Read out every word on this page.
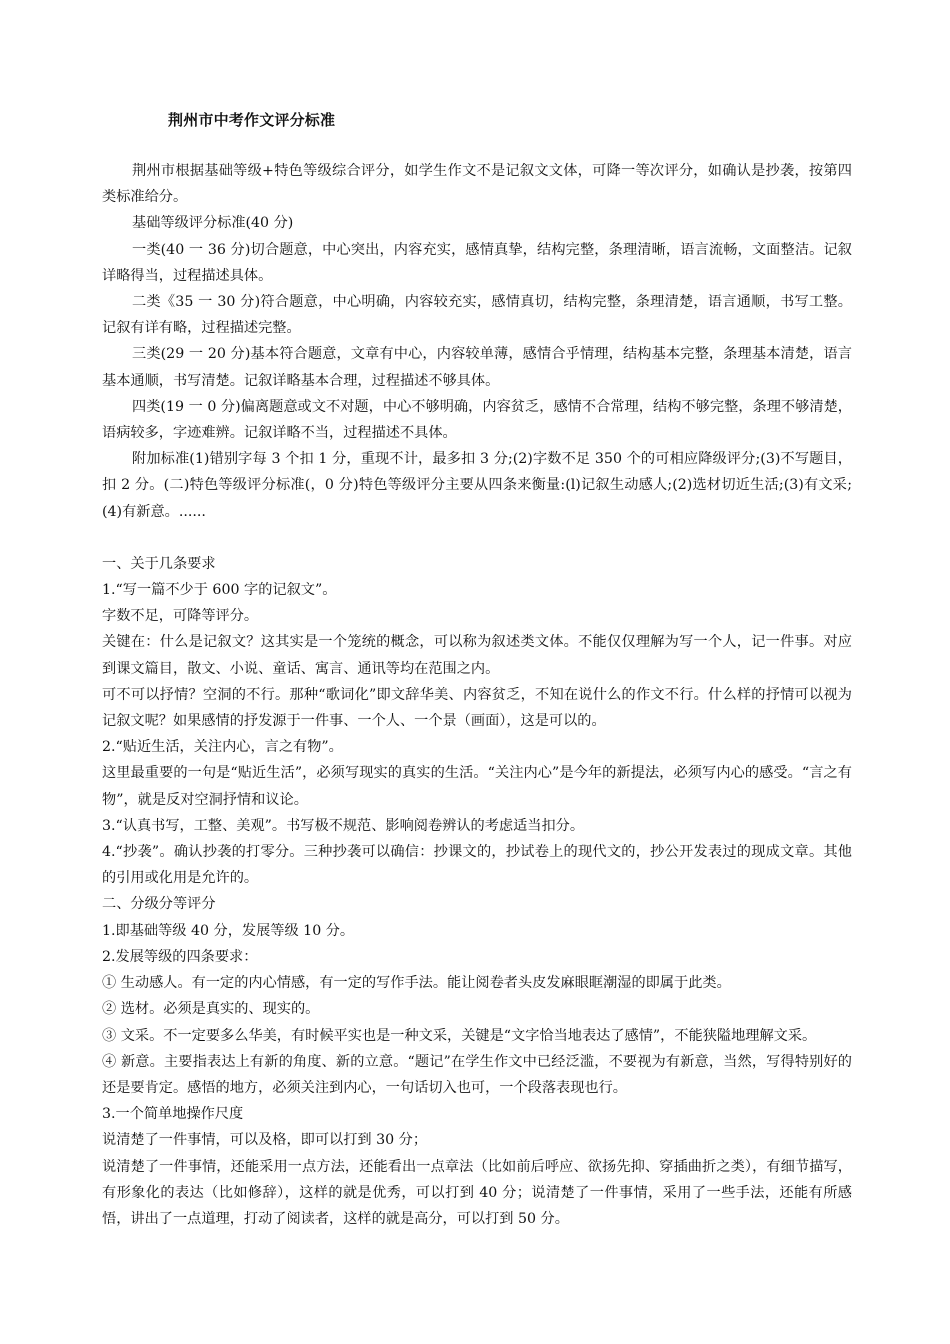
荆州市中考作文评分标准

荆州市根据基础等级+特色等级综合评分，如学生作文不是记叙文文体，可降一等次评分，如确认是抄袭，按第四类标准给分。

基础等级评分标准(40 分)

一类(40 一 36 分)切合题意，中心突出，内容充实，感情真挚，结构完整，条理清晰，语言流畅，文面整洁。记叙详略得当，过程描述具体。

二类《35 一 30 分)符合题意，中心明确，内容较充实，感情真切，结构完整，条理清楚，语言通顺，书写工整。记叙有详有略，过程描述完整。

三类(29 一 20 分)基本符合题意，文章有中心，内容较单薄，感情合乎情理，结构基本完整，条理基本清楚，语言基本通顺，书写清楚。记叙详略基本合理，过程描述不够具体。

四类(19 一 0 分)偏离题意或文不对题，中心不够明确，内容贫乏，感情不合常理，结构不够完整，条理不够清楚，语病较多，字迹难辨。记叙详略不当，过程描述不具体。

附加标准(1)错别字每 3 个扣 1 分，重现不计，最多扣 3 分;(2)字数不足 350 个的可相应降级评分;(3)不写题目，扣 2 分。(二)特色等级评分标准(，0 分)特色等级评分主要从四条来衡量:(l)记叙生动感人;(2)选材切近生活;(3)有文采;(4)有新意。......

一、关于几条要求

1.“写一篇不少于 600 字的记叙文”。

字数不足，可降等评分。

关键在：什么是记叙文？这其实是一个笼统的概念，可以称为叙述类文体。不能仅仅理解为写一个人，记一件事。对应到课文篇目，散文、小说、童话、寓言、通讯等均在范围之内。

可不可以抒情？空洞的不行。那种“歌词化”即文辞华美、内容贫乏，不知在说什么的作文不行。什么样的抒情可以视为记叙文呢？如果感情的抒发源于一件事、一个人、一个景（画面），这是可以的。

2.“贴近生活，关注内心，言之有物”。

这里最重要的一句是“贴近生活”，必须写现实的真实的生活。“关注内心”是今年的新提法，必须写内心的感受。“言之有物”，就是反对空洞抒情和议论。

3.“认真书写，工整、美观”。书写极不规范、影响阅卷辨认的考虑适当扣分。

4.“抄袭”。确认抄袭的打零分。三种抄袭可以确信：抄课文的，抄试卷上的现代文的，抄公开发表过的现成文章。其他的引用或化用是允许的。

二、分级分等评分

1.即基础等级 40 分，发展等级 10 分。

2.发展等级的四条要求：

① 生动感人。有一定的内心情感，有一定的写作手法。能让阅卷者头皮发麻眼眶潮湿的即属于此类。

② 选材。必须是真实的、现实的。

③ 文采。不一定要多么华美，有时候平实也是一种文采，关键是“文字恰当地表达了感情”，不能狭隘地理解文采。

④ 新意。主要指表达上有新的角度、新的立意。“题记”在学生作文中已经泛滥，不要视为有新意，当然，写得特别好的还是要肯定。感悟的地方，必须关注到内心，一句话切入也可，一个段落表现也行。

3.一个简单地操作尺度

说清楚了一件事情，可以及格，即可以打到 30 分；

说清楚了一件事情，还能采用一点方法，还能看出一点章法（比如前后呼应、欲扬先抑、穿插曲折之类），有细节描写，有形象化的表达（比如修辞），这样的就是优秀，可以打到 40 分；说清楚了一件事情，采用了一些手法，还能有所感悟，讲出了一点道理，打动了阅读者，这样的就是高分，可以打到 50 分。
